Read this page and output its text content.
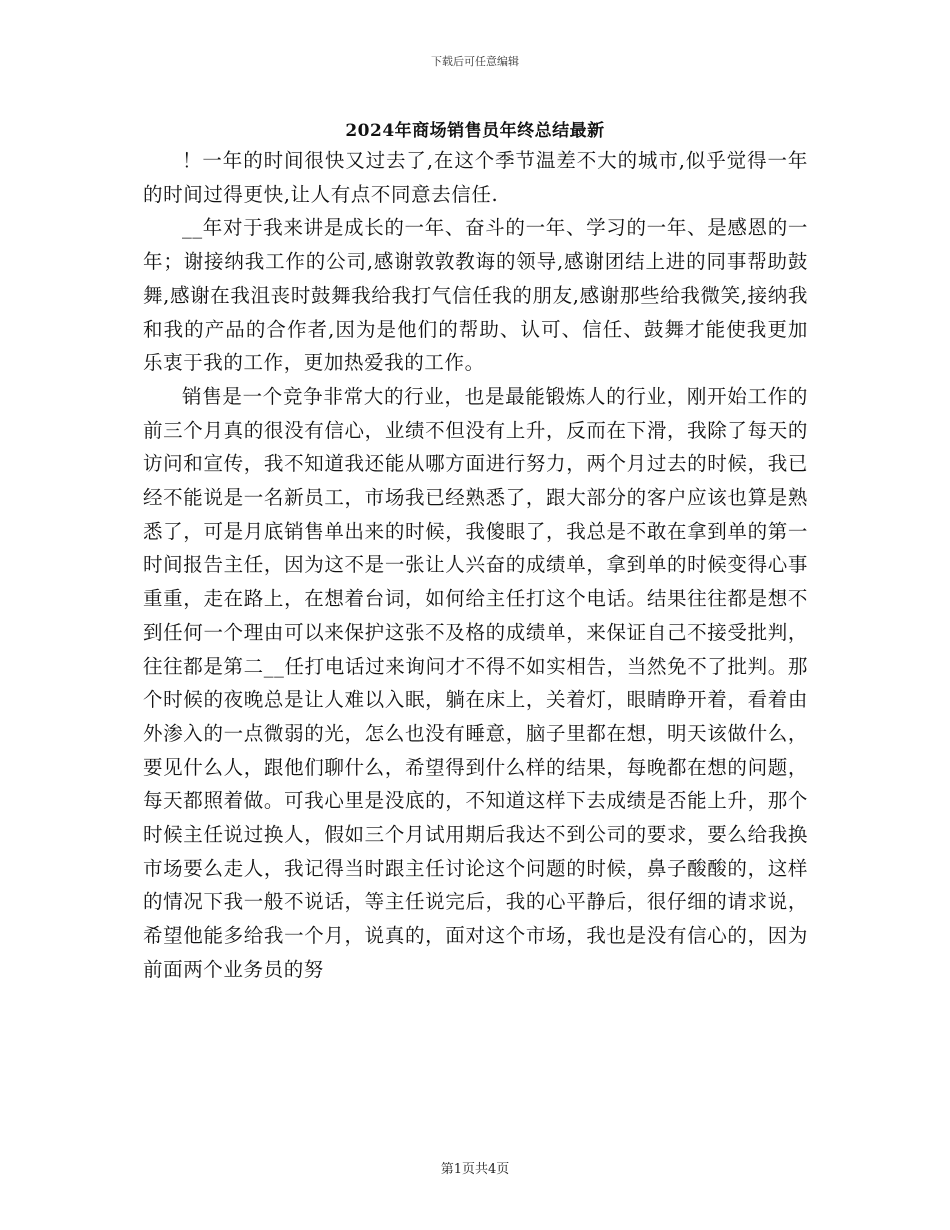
下载后可任意编辑
2024年商场销售员年终总结最新

！一年的时间很快又过去了,在这个季节温差不大的城市,似乎觉得一年的时间过得更快,让人有点不同意去信任.

__年对于我来讲是成长的一年、奋斗的一年、学习的一年、是感恩的一年；谢接纳我工作的公司,感谢敦敦教诲的领导,感谢团结上进的同事帮助鼓舞,感谢在我沮丧时鼓舞我给我打气信任我的朋友,感谢那些给我微笑,接纳我和我的产品的合作者,因为是他们的帮助、认可、信任、鼓舞才能使我更加乐衷于我的工作，更加热爱我的工作。

销售是一个竞争非常大的行业，也是最能锻炼人的行业，刚开始工作的前三个月真的很没有信心，业绩不但没有上升，反而在下滑，我除了每天的访问和宣传，我不知道我还能从哪方面进行努力，两个月过去的时候，我已经不能说是一名新员工，市场我已经熟悉了，跟大部分的客户应该也算是熟悉了，可是月底销售单出来的时候，我傻眼了，我总是不敢在拿到单的第一时间报告主任，因为这不是一张让人兴奋的成绩单，拿到单的时候变得心事重重，走在路上，在想着台词，如何给主任打这个电话。结果往往都是想不到任何一个理由可以来保护这张不及格的成绩单，来保证自己不接受批判，往往都是第二__任打电话过来询问才不得不如实相告，当然免不了批判。那个时候的夜晚总是让人难以入眠，躺在床上，关着灯，眼睛睁开着，看着由外渗入的一点微弱的光，怎么也没有睡意，脑子里都在想，明天该做什么，要见什么人，跟他们聊什么，希望得到什么样的结果，每晚都在想的问题，每天都照着做。可我心里是没底的，不知道这样下去成绩是否能上升，那个时候主任说过换人，假如三个月试用期后我达不到公司的要求，要么给我换市场要么走人，我记得当时跟主任讨论这个问题的时候，鼻子酸酸的，这样的情况下我一般不说话，等主任说完后，我的心平静后，很仔细的请求说，希望他能多给我一个月，说真的，面对这个市场，我也是没有信心的，因为前面两个业务员的努

第1页共4页
